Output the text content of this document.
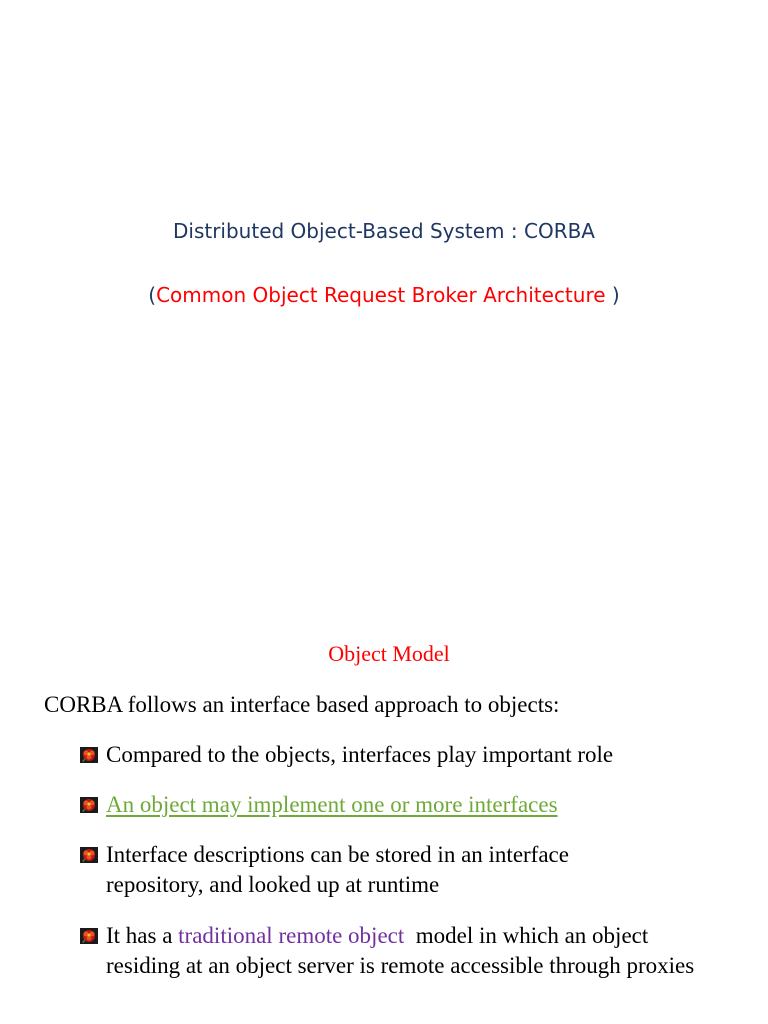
Distributed Object-Based System : CORBA
(Common Object Request Broker Architecture )
Object Model
CORBA follows an interface based approach to objects:
Compared to the objects, interfaces play important role
An object may implement one or more interfaces
Interface descriptions can be stored in an interface repository, and looked up at runtime
It has a traditional remote object  model in which an object residing at an object server is remote accessible through proxies
